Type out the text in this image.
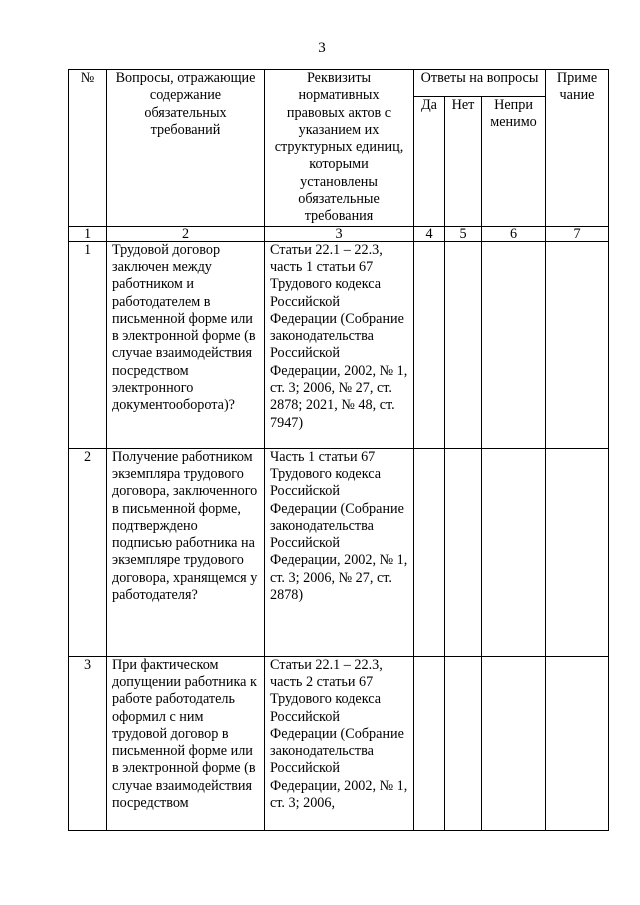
3
№	Вопросы, отражающие содержание обязательных требований	Реквизиты нормативных правовых актов с указанием их структурных единиц, которыми установлены обязательные требования	Ответы на вопросы			Приме чание
			Да	Нет	Непри менимо	
1	2	3	4	5	6	7
1	Трудовой договор заключен между работником и работодателем в письменной форме или в электронной форме (в случае взаимодействия посредством электронного документооборота)?	Статьи 22.1 – 22.3, часть 1 статьи 67 Трудового кодекса Российской Федерации (Собрание законодательства Российской Федерации, 2002, № 1, ст. 3; 2006, № 27, ст. 2878; 2021, № 48, ст. 7947)				
2	Получение работником экземпляра трудового договора, заключенного в письменной форме, подтверждено подписью работника на экземпляре трудового договора, хранящемся у работодателя?	Часть 1 статьи 67 Трудового кодекса Российской Федерации (Собрание законодательства Российской Федерации, 2002, № 1, ст. 3; 2006, № 27, ст. 2878)				
3	При фактическом допущении работника к работе работодатель оформил с ним трудовой договор в письменной форме или в электронной форме (в случае взаимодействия посредством	Статьи 22.1 – 22.3, часть 2 статьи 67 Трудового кодекса Российской Федерации (Собрание законодательства Российской Федерации, 2002, № 1, ст. 3; 2006,				
